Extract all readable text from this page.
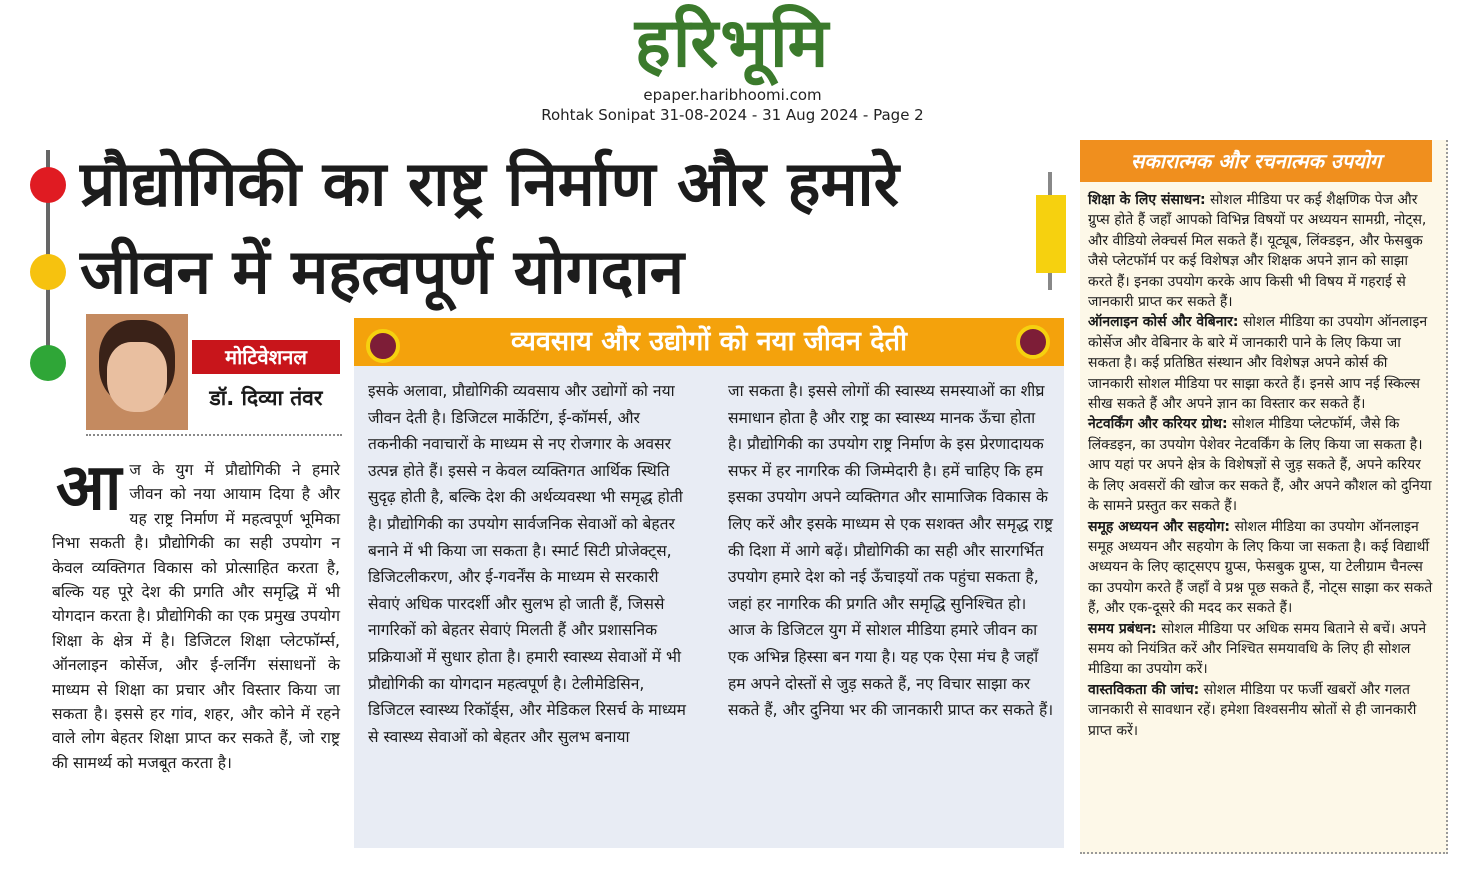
हरिभूमि
epaper.haribhoomi.com
Rohtak Sonipat 31-08-2024 - 31 Aug 2024 - Page 2
प्रौद्योगिकी का राष्ट्र निर्माण और हमारे जीवन में महत्वपूर्ण योगदान
मोटिवेशनल
डॉ. दिव्या तंवर
आ ज के युग में प्रौद्योगिकी ने हमारे जीवन को नया आयाम दिया है और यह राष्ट्र निर्माण में महत्वपूर्ण भूमिका निभा सकती है। प्रौद्योगिकी का सही उपयोग न केवल व्यक्तिगत विकास को प्रोत्साहित करता है, बल्कि यह पूरे देश की प्रगति और समृद्धि में भी योगदान करता है। प्रौद्योगिकी का एक प्रमुख उपयोग शिक्षा के क्षेत्र में है। डिजिटल शिक्षा प्लेटफॉर्म्स, ऑनलाइन कोर्सेज, और ई-लर्निंग संसाधनों के माध्यम से शिक्षा का प्रचार और विस्तार किया जा सकता है। इससे हर गांव, शहर, और कोने में रहने वाले लोग बेहतर शिक्षा प्राप्त कर सकते हैं, जो राष्ट्र की सामर्थ्य को मजबूत करता है।
व्यवसाय और उद्योगों को नया जीवन देती
इसके अलावा, प्रौद्योगिकी व्यवसाय और उद्योगों को नया जीवन देती है। डिजिटल मार्केटिंग, ई-कॉमर्स, और तकनीकी नवाचारों के माध्यम से नए रोजगार के अवसर उत्पन्न होते हैं। इससे न केवल व्यक्तिगत आर्थिक स्थिति सुदृढ़ होती है, बल्कि देश की अर्थव्यवस्था भी समृद्ध होती है। प्रौद्योगिकी का उपयोग सार्वजनिक सेवाओं को बेहतर बनाने में भी किया जा सकता है। स्मार्ट सिटी प्रोजेक्ट्स, डिजिटलीकरण, और ई-गवर्नेंस के माध्यम से सरकारी सेवाएं अधिक पारदर्शी और सुलभ हो जाती हैं, जिससे नागरिकों को बेहतर सेवाएं मिलती हैं और प्रशासनिक प्रक्रियाओं में सुधार होता है। हमारी स्वास्थ्य सेवाओं में भी प्रौद्योगिकी का योगदान महत्वपूर्ण है। टेलीमेडिसिन, डिजिटल स्वास्थ्य रिकॉर्ड्स, और मेडिकल रिसर्च के माध्यम से स्वास्थ्य सेवाओं को बेहतर और सुलभ बनाया
जा सकता है। इससे लोगों की स्वास्थ्य समस्याओं का शीघ्र समाधान होता है और राष्ट्र का स्वास्थ्य मानक ऊँचा होता है। प्रौद्योगिकी का उपयोग राष्ट्र निर्माण के इस प्रेरणादायक सफर में हर नागरिक की जिम्मेदारी है। हमें चाहिए कि हम इसका उपयोग अपने व्यक्तिगत और सामाजिक विकास के लिए करें और इसके माध्यम से एक सशक्त और समृद्ध राष्ट्र की दिशा में आगे बढ़ें। प्रौद्योगिकी का सही और सारगर्भित उपयोग हमारे देश को नई ऊँचाइयों तक पहुंचा सकता है, जहां हर नागरिक की प्रगति और समृद्धि सुनिश्चित हो। आज के डिजिटल युग में सोशल मीडिया हमारे जीवन का एक अभिन्न हिस्सा बन गया है। यह एक ऐसा मंच है जहाँ हम अपने दोस्तों से जुड़ सकते हैं, नए विचार साझा कर सकते हैं, और दुनिया भर की जानकारी प्राप्त कर सकते हैं।
सकारात्मक और रचनात्मक उपयोग
शिक्षा के लिए संसाधन: सोशल मीडिया पर कई शैक्षणिक पेज और ग्रुप्स होते हैं जहाँ आपको विभिन्न विषयों पर अध्ययन सामग्री, नोट्स, और वीडियो लेक्चर्स मिल सकते हैं। यूट्यूब, लिंक्डइन, और फेसबुक जैसे प्लेटफॉर्म पर कई विशेषज्ञ और शिक्षक अपने ज्ञान को साझा करते हैं। इनका उपयोग करके आप किसी भी विषय में गहराई से जानकारी प्राप्त कर सकते हैं।
ऑनलाइन कोर्स और वेबिनार: सोशल मीडिया का उपयोग ऑनलाइन कोर्सेज और वेबिनार के बारे में जानकारी पाने के लिए किया जा सकता है। कई प्रतिष्ठित संस्थान और विशेषज्ञ अपने कोर्स की जानकारी सोशल मीडिया पर साझा करते हैं। इनसे आप नई स्किल्स सीख सकते हैं और अपने ज्ञान का विस्तार कर सकते हैं।
नेटवर्किंग और करियर ग्रोथ: सोशल मीडिया प्लेटफॉर्म, जैसे कि लिंक्डइन, का उपयोग पेशेवर नेटवर्किंग के लिए किया जा सकता है। आप यहां पर अपने क्षेत्र के विशेषज्ञों से जुड़ सकते हैं, अपने करियर के लिए अवसरों की खोज कर सकते हैं, और अपने कौशल को दुनिया के सामने प्रस्तुत कर सकते हैं।
समूह अध्ययन और सहयोग: सोशल मीडिया का उपयोग ऑनलाइन समूह अध्ययन और सहयोग के लिए किया जा सकता है। कई विद्यार्थी अध्ययन के लिए व्हाट्सएप ग्रुप्स, फेसबुक ग्रुप्स, या टेलीग्राम चैनल्स का उपयोग करते हैं जहाँ वे प्रश्न पूछ सकते हैं, नोट्स साझा कर सकते हैं, और एक-दूसरे की मदद कर सकते हैं।
समय प्रबंधन: सोशल मीडिया पर अधिक समय बिताने से बचें। अपने समय को नियंत्रित करें और निश्चित समयावधि के लिए ही सोशल मीडिया का उपयोग करें।
वास्तविकता की जांच: सोशल मीडिया पर फर्जी खबरों और गलत जानकारी से सावधान रहें। हमेशा विश्वसनीय स्रोतों से ही जानकारी प्राप्त करें।
